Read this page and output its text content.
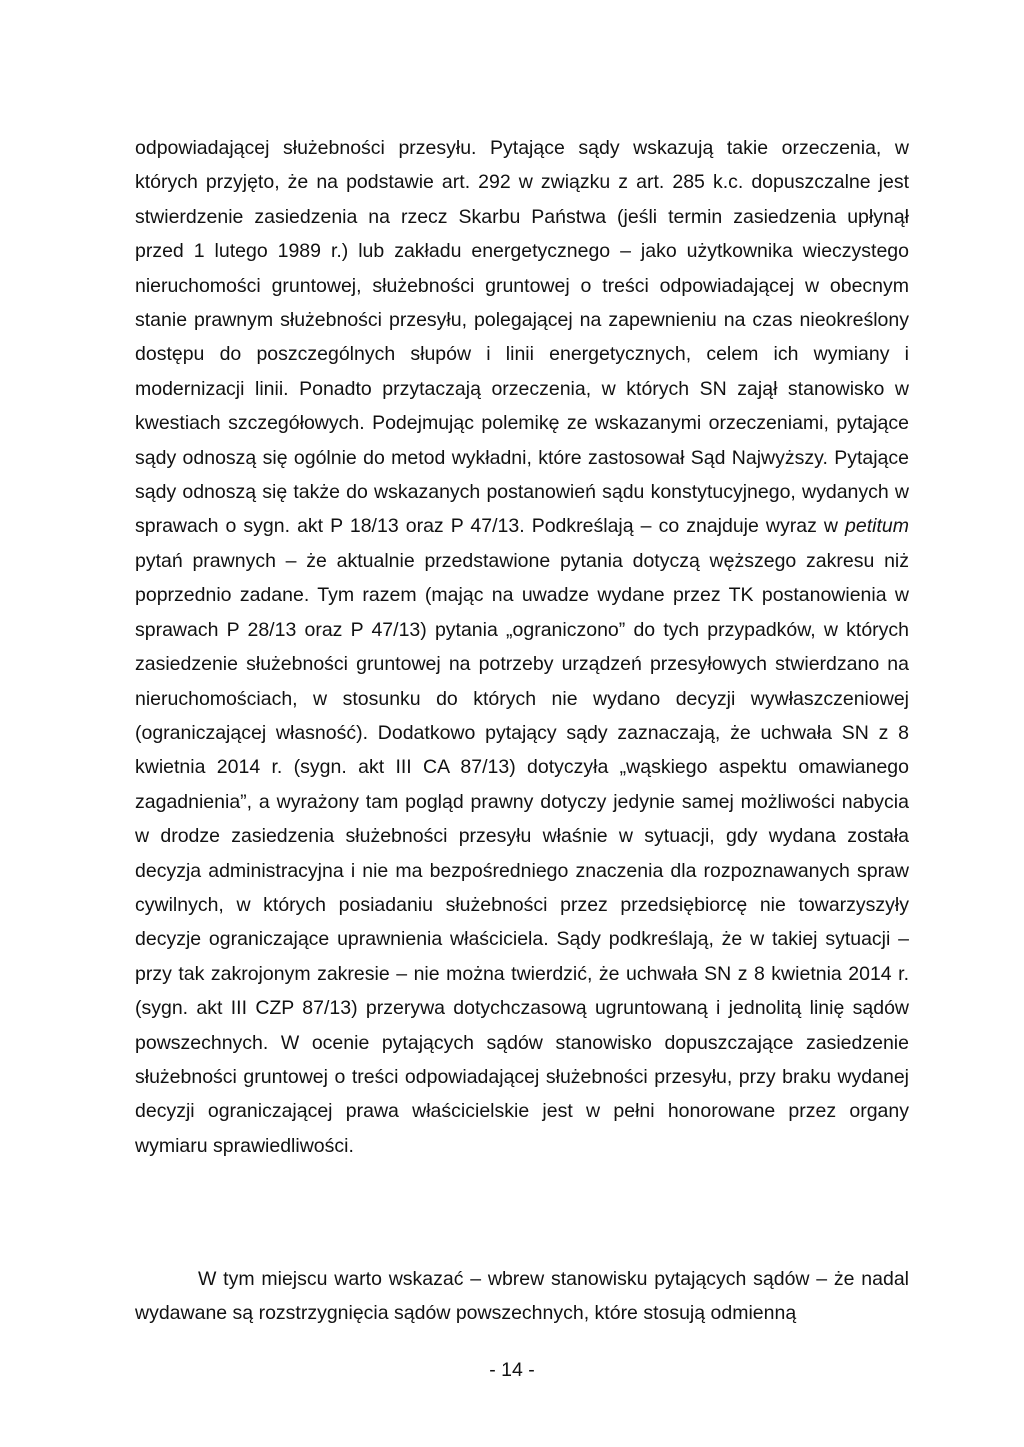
odpowiadającej służebności przesyłu. Pytające sądy wskazują takie orzeczenia, w których przyjęto, że na podstawie art. 292 w związku z art. 285 k.c. dopuszczalne jest stwierdzenie zasiedzenia na rzecz Skarbu Państwa (jeśli termin zasiedzenia upłynął przed 1 lutego 1989 r.) lub zakładu energetycznego – jako użytkownika wieczystego nieruchomości gruntowej, służebności gruntowej o treści odpowiadającej w obecnym stanie prawnym służebności przesyłu, polegającej na zapewnieniu na czas nieokreślony dostępu do poszczególnych słupów i linii energetycznych, celem ich wymiany i modernizacji linii. Ponadto przytaczają orzeczenia, w których SN zajął stanowisko w kwestiach szczegółowych. Podejmując polemikę ze wskazanymi orzeczeniami, pytające sądy odnoszą się ogólnie do metod wykładni, które zastosował Sąd Najwyższy. Pytające sądy odnoszą się także do wskazanych postanowień sądu konstytucyjnego, wydanych w sprawach o sygn. akt P 18/13 oraz P 47/13. Podkreślają – co znajduje wyraz w petitum pytań prawnych – że aktualnie przedstawione pytania dotyczą węższego zakresu niż poprzednio zadane. Tym razem (mając na uwadze wydane przez TK postanowienia w sprawach P 28/13 oraz P 47/13) pytania „ograniczono” do tych przypadków, w których zasiedzenie służebności gruntowej na potrzeby urządzeń przesyłowych stwierdzano na nieruchomościach, w stosunku do których nie wydano decyzji wywłaszczeniowej (ograniczającej własność). Dodatkowo pytający sądy zaznaczają, że uchwała SN z 8 kwietnia 2014 r. (sygn. akt III CA 87/13) dotyczyła „wąskiego aspektu omawianego zagadnienia”, a wyrażony tam pogląd prawny dotyczy jedynie samej możliwości nabycia w drodze zasiedzenia służebności przesyłu właśnie w sytuacji, gdy wydana została decyzja administracyjna i nie ma bezpośredniego znaczenia dla rozpoznawanych spraw cywilnych, w których posiadaniu służebności przez przedsiębiorcę nie towarzyszyły decyzje ograniczające uprawnienia właściciela. Sądy podkreślają, że w takiej sytuacji – przy tak zakrojonym zakresie – nie można twierdzić, że uchwała SN z 8 kwietnia 2014 r. (sygn. akt III CZP 87/13) przerywa dotychczasową ugruntowaną i jednolitą linię sądów powszechnych. W ocenie pytających sądów stanowisko dopuszczające zasiedzenie służebności gruntowej o treści odpowiadającej służebności przesyłu, przy braku wydanej decyzji ograniczającej prawa właścicielskie jest w pełni honorowane przez organy wymiaru sprawiedliwości.

W tym miejscu warto wskazać – wbrew stanowisku pytających sądów – że nadal wydawane są rozstrzygnięcia sądów powszechnych, które stosują odmienną

- 14 -
